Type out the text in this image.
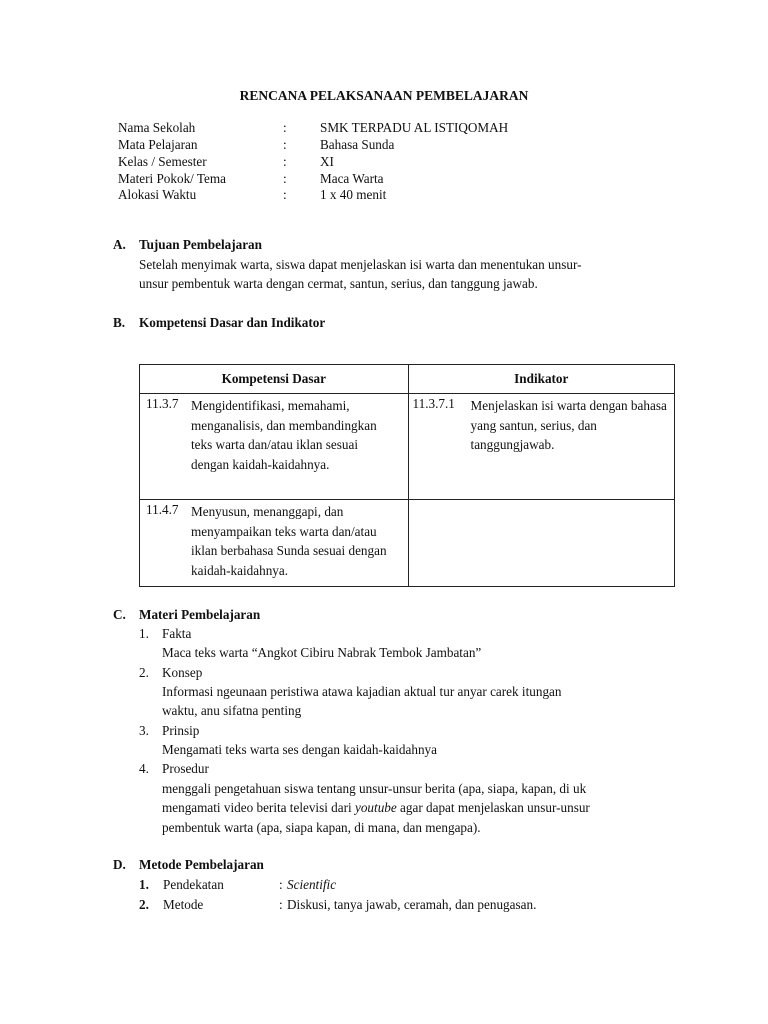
RENCANA PELAKSANAAN PEMBELAJARAN
Nama Sekolah	:	SMK TERPADU AL ISTIQOMAH
Mata Pelajaran	:	Bahasa Sunda
Kelas / Semester	:	XI
Materi Pokok/ Tema	:	Maca Warta
Alokasi Waktu	:	1 x 40 menit
A. Tujuan Pembelajaran
Setelah menyimak warta, siswa dapat menjelaskan isi warta dan menentukan unsur-
unsur pembentuk warta dengan cermat, santun, serius, dan tanggung jawab.
B. Kompetensi Dasar dan Indikator
Kompetensi Dasar	Indikator

11.3.7 Mengidentifikasi, memahami, menganalisis, dan membandingkan teks warta dan/atau iklan sesuai dengan kaidah-kaidahnya.	11.3.7.1 Menjelaskan isi warta dengan bahasa yang santun, serius, dan tanggungjawab.

11.4.7 Menyusun, menanggapi, dan menyampaikan teks warta dan/atau iklan berbahasa Sunda sesuai dengan kaidah-kaidahnya.	

C. Materi Pembelajaran
1. Fakta
Maca teks warta “Angkot Cibiru Nabrak Tembok Jambatan”
2. Konsep
Informasi ngeunaan peristiwa atawa kajadian aktual tur anyar carek itungan
waktu, anu sifatna penting
3. Prinsip
Mengamati teks warta ses dengan kaidah-kaidahnya
4. Prosedur
menggali pengetahuan siswa tentang unsur-unsur berita (apa, siapa, kapan, di uk
mengamati video berita televisi dari youtube agar dapat menjelaskan unsur-unsur
pembentuk warta (apa, siapa kapan, di mana, dan mengapa).
D. Metode Pembelajaran
1. Pendekatan	: Scientific
2. Metode	: Diskusi, tanya jawab, ceramah, dan penugasan.
